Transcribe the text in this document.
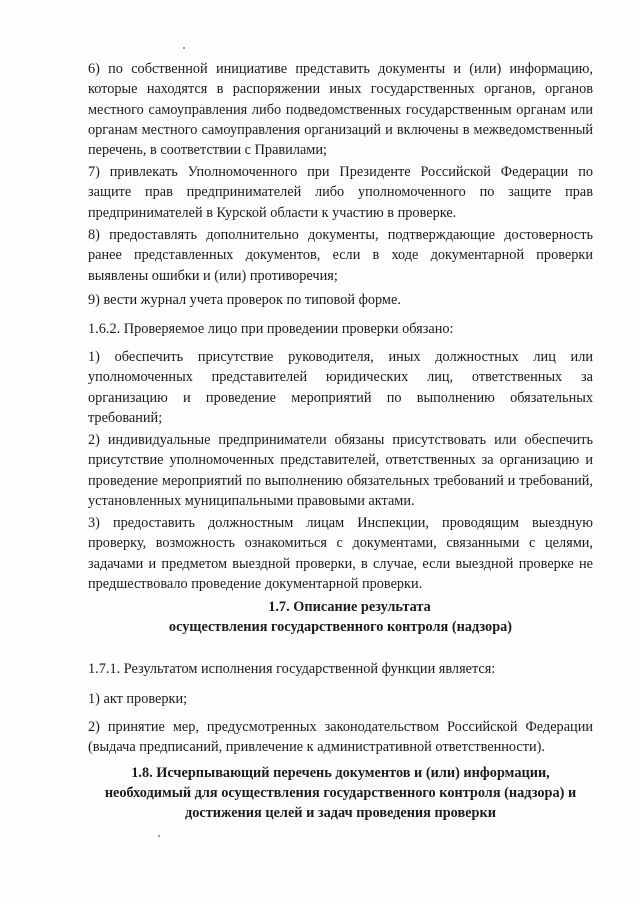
6) по собственной инициативе представить документы и (или) информацию, которые находятся в распоряжении иных государственных органов, органов местного самоуправления либо подведомственных государственным органам или органам местного самоуправления организаций и включены в межведомственный перечень, в соответствии с Правилами;

7) привлекать Уполномоченного при Президенте Российской Федерации по защите прав предпринимателей либо уполномоченного по защите прав предпринимателей в Курской области к участию в проверке.

8) предоставлять дополнительно документы, подтверждающие достоверность ранее представленных документов, если в ходе документарной проверки выявлены ошибки и (или) противоречия;

9) вести журнал учета проверок по типовой форме.

1.6.2. Проверяемое лицо при проведении проверки обязано:

1) обеспечить присутствие руководителя, иных должностных лиц или уполномоченных представителей юридических лиц, ответственных за организацию и проведение мероприятий по выполнению обязательных требований;

2) индивидуальные предприниматели обязаны присутствовать или обеспечить присутствие уполномоченных представителей, ответственных за организацию и проведение мероприятий по выполнению обязательных требований и требований, установленных муниципальными правовыми актами.

3) предоставить должностным лицам Инспекции, проводящим выездную проверку, возможность ознакомиться с документами, связанными с целями, задачами и предметом выездной проверки, в случае, если выездной проверке не предшествовало проведение документарной проверки.

1.7. Описание результата
осуществления государственного контроля (надзора)

1.7.1. Результатом исполнения государственной функции является:

1) акт проверки;

2) принятие мер, предусмотренных законодательством Российской Федерации (выдача предписаний, привлечение к административной ответственности).

1.8. Исчерпывающий перечень документов и (или) информации,
необходимый для осуществления государственного контроля (надзора) и
достижения целей и задач проведения проверки
